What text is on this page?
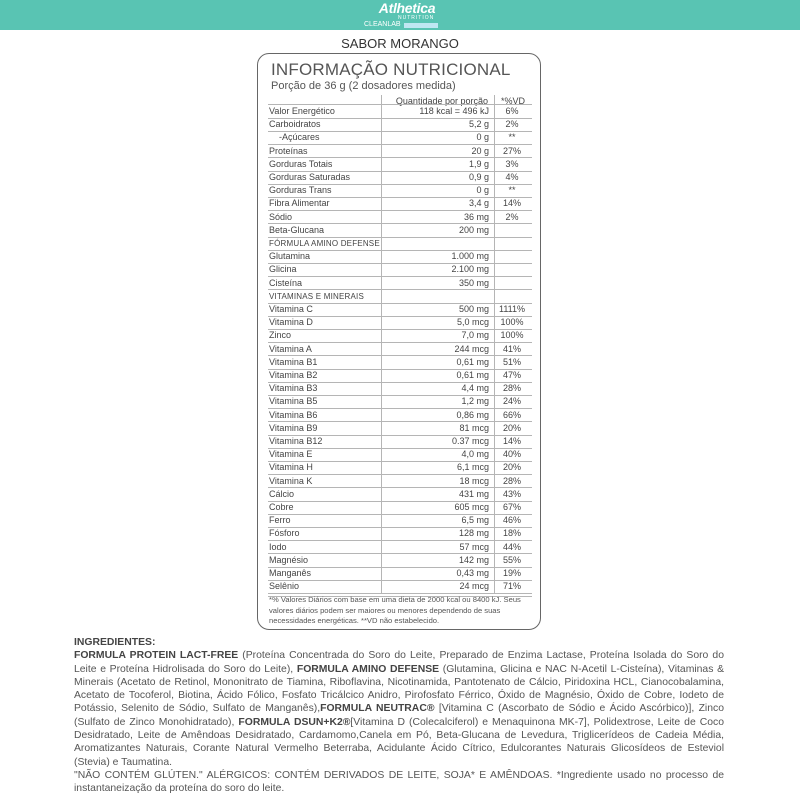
Atlhetica
NUTRITION
CLEANLAB
SABOR MORANGO
INFORMAÇÃO NUTRICIONAL
Porção de 36 g (2 dosadores medida)
Quantidade por porção	*%VD
Valor Energético	118 kcal = 496 kJ	6%
Carboidratos	5,2 g	2%
-Açúcares	0 g	**
Proteínas	20 g	27%
Gorduras Totais	1,9 g	3%
Gorduras Saturadas	0,9 g	4%
Gorduras Trans	0 g	**
Fibra Alimentar	3,4 g	14%
Sódio	36 mg	2%
Beta-Glucana	200 mg
FÓRMULA AMINO DEFENSE
Glutamina	1.000 mg
Glicina	2.100 mg
Cisteína	350 mg
VITAMINAS E MINERAIS
Vitamina C	500 mg	1111%
Vitamina D	5,0 mcg	100%
Zinco	7,0 mg	100%
Vitamina A	244 mcg	41%
Vitamina B1	0,61 mg	51%
Vitamina B2	0,61 mg	47%
Vitamina B3	4,4 mg	28%
Vitamina B5	1,2 mg	24%
Vitamina B6	0,86 mg	66%
Vitamina B9	81 mcg	20%
Vitamina B12	0.37 mcg	14%
Vitamina E	4,0 mg	40%
Vitamina H	6,1 mcg	20%
Vitamina K	18 mcg	28%
Cálcio	431 mg	43%
Cobre	605 mcg	67%
Ferro	6,5 mg	46%
Fósforo	128 mg	18%
Iodo	57 mcg	44%
Magnésio	142 mg	55%
Manganês	0,43 mg	19%
Selênio	24 mcg	71%
*% Valores Diários com base em uma dieta de 2000 kcal ou 8400 kJ. Seus valores diários podem ser maiores ou menores dependendo de suas necessidades energéticas. **VD não estabelecido.
INGREDIENTES:
FORMULA PROTEIN LACT-FREE (Proteína Concentrada do Soro do Leite, Preparado de Enzima Lactase, Proteína Isolada do Soro do Leite e Proteína Hidrolisada do Soro do Leite), FORMULA AMINO DEFENSE (Glutamina, Glicina e NAC N-Acetil L-Cisteína), Vitaminas & Minerais (Acetato de Retinol, Mononitrato de Tiamina, Riboflavina, Nicotinamida, Pantotenato de Cálcio, Piridoxina HCL, Cianocobalamina, Acetato de Tocoferol, Biotina, Ácido Fólico, Fosfato Tricálcico Anidro, Pirofosfato Férrico, Óxido de Magnésio, Óxido de Cobre, Iodeto de Potássio, Selenito de Sódio, Sulfato de Manganês),FORMULA NEUTRAC® [Vitamina C (Ascorbato de Sódio e Ácido Ascórbico)], Zinco (Sulfato de Zinco Monohidratado), FORMULA DSUN+K2®[Vitamina D (Colecalciferol) e Menaquinona MK-7], Polidextrose, Leite de Coco Desidratado, Leite de Amêndoas Desidratado, Cardamomo,Canela em Pó, Beta-Glucana de Levedura, Triglicerídeos de Cadeia Média, Aromatizantes Naturais, Corante Natural Vermelho Beterraba, Acidulante Ácido Cítrico, Edulcorantes Naturais Glicosídeos de Esteviol (Stevia) e Taumatina.
"NÃO CONTÉM GLÚTEN." ALÉRGICOS: CONTÉM DERIVADOS DE LEITE, SOJA* E AMÊNDOAS. *Ingrediente usado no processo de instantaneização da proteína do soro do leite.
